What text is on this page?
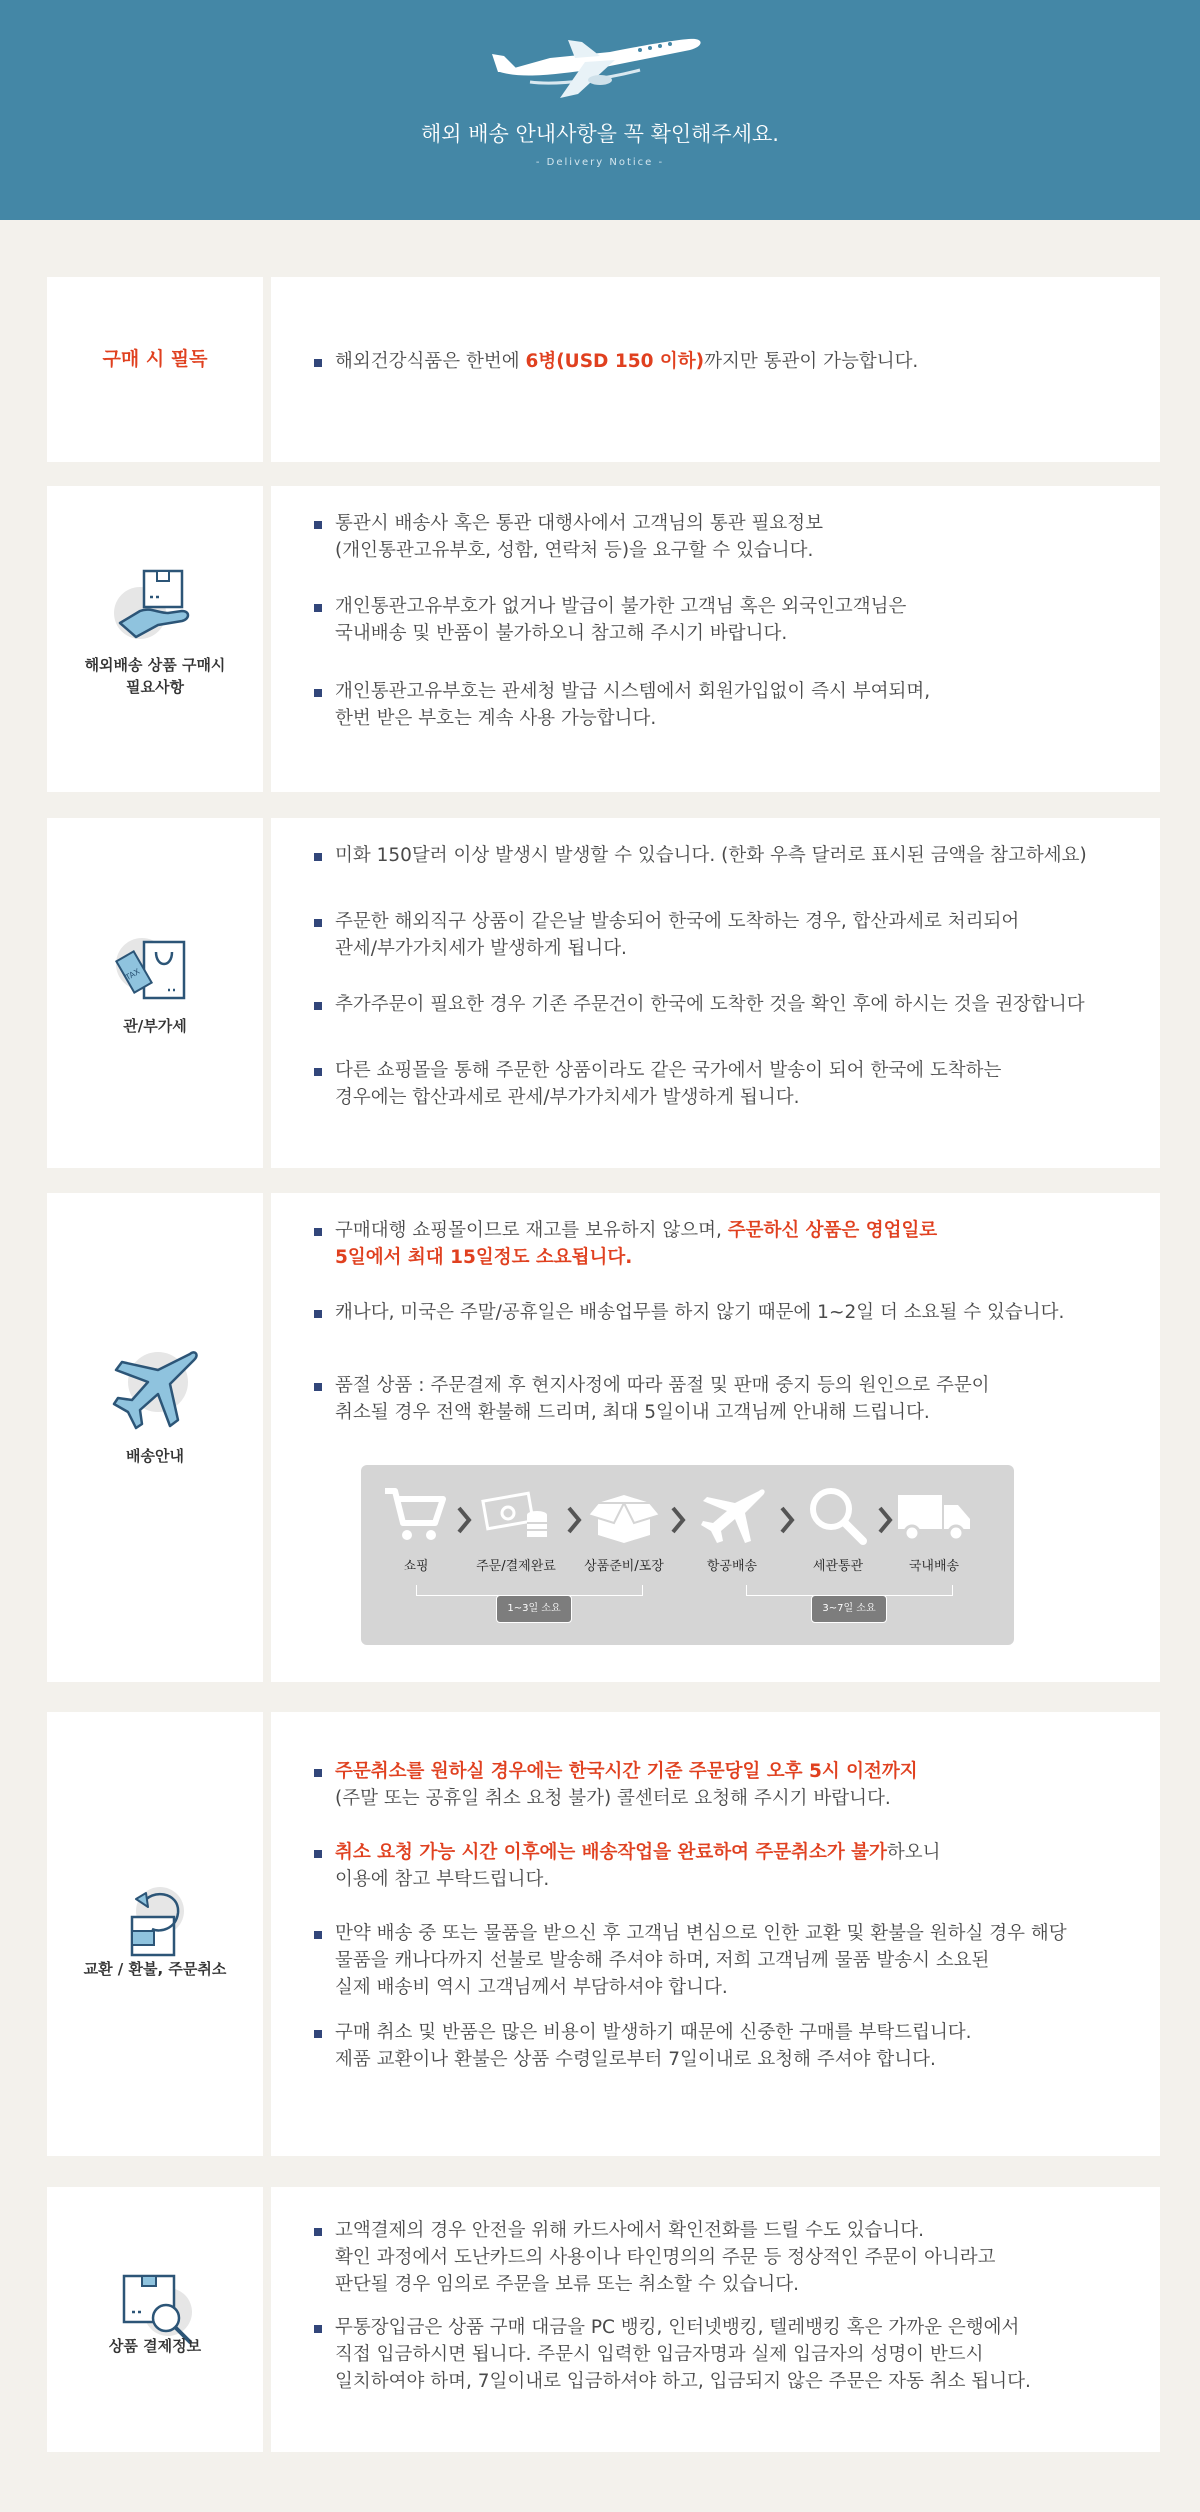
해외 배송 안내사항을 꼭 확인해주세요.
- Delivery Notice -
구매 시 필독	해외건강식품은 한번에 6병(USD 150 이하)까지만 통관이 가능합니다.
해외배송 상품 구매시
필요사항
통관시 배송사 혹은 통관 대행사에서 고객님의 통관 필요정보
(개인통관고유부호, 성함, 연락처 등)을 요구할 수 있습니다.
개인통관고유부호가 없거나 발급이 불가한 고객님 혹은 외국인고객님은
국내배송 및 반품이 불가하오니 참고해 주시기 바랍니다.
개인통관고유부호는 관세청 발급 시스템에서 회원가입없이 즉시 부여되며,
한번 받은 부호는 계속 사용 가능합니다.
TAX
관/부가세
미화 150달러 이상 발생시 발생할 수 있습니다. (한화 우측 달러로 표시된 금액을 참고하세요)
주문한 해외직구 상품이 같은날 발송되어 한국에 도착하는 경우, 합산과세로 처리되어
관세/부가가치세가 발생하게 됩니다.
추가주문이 필요한 경우 기존 주문건이 한국에 도착한 것을 확인 후에 하시는 것을 권장합니다
다른 쇼핑몰을 통해 주문한 상품이라도 같은 국가에서 발송이 되어 한국에 도착하는
경우에는 합산과세로 관세/부가가치세가 발생하게 됩니다.
배송안내
구매대행 쇼핑몰이므로 재고를 보유하지 않으며, 주문하신 상품은 영업일로
5일에서 최대 15일정도 소요됩니다.
캐나다, 미국은 주말/공휴일은 배송업무를 하지 않기 때문에 1~2일 더 소요될 수 있습니다.
품절 상품 : 주문결제 후 현지사정에 따라 품절 및 판매 중지 등의 원인으로 주문이
취소될 경우 전액 환불해 드리며, 최대 5일이내 고객님께 안내해 드립니다.
쇼핑	주문/결제완료	상품준비/포장	항공배송	세관통관	국내배송
1~3일 소요	3~7일 소요
교환 / 환불, 주문취소
주문취소를 원하실 경우에는 한국시간 기준 주문당일 오후 5시 이전까지
(주말 또는 공휴일 취소 요청 불가) 콜센터로 요청해 주시기 바랍니다.
취소 요청 가능 시간 이후에는 배송작업을 완료하여 주문취소가 불가하오니
이용에 참고 부탁드립니다.
만약 배송 중 또는 물품을 받으신 후 고객님 변심으로 인한 교환 및 환불을 원하실 경우 해당
물품을 캐나다까지 선불로 발송해 주셔야 하며, 저희 고객님께 물품 발송시 소요된
실제 배송비 역시 고객님께서 부담하셔야 합니다.
구매 취소 및 반품은 많은 비용이 발생하기 때문에 신중한 구매를 부탁드립니다.
제품 교환이나 환불은 상품 수령일로부터 7일이내로 요청해 주셔야 합니다.
상품 결제정보
고액결제의 경우 안전을 위해 카드사에서 확인전화를 드릴 수도 있습니다.
확인 과정에서 도난카드의 사용이나 타인명의의 주문 등 정상적인 주문이 아니라고
판단될 경우 임의로 주문을 보류 또는 취소할 수 있습니다.
무통장입금은 상품 구매 대금을 PC 뱅킹, 인터넷뱅킹, 텔레뱅킹 혹은 가까운 은행에서
직접 입금하시면 됩니다. 주문시 입력한 입금자명과 실제 입금자의 성명이 반드시
일치하여야 하며, 7일이내로 입금하셔야 하고, 입금되지 않은 주문은 자동 취소 됩니다.
